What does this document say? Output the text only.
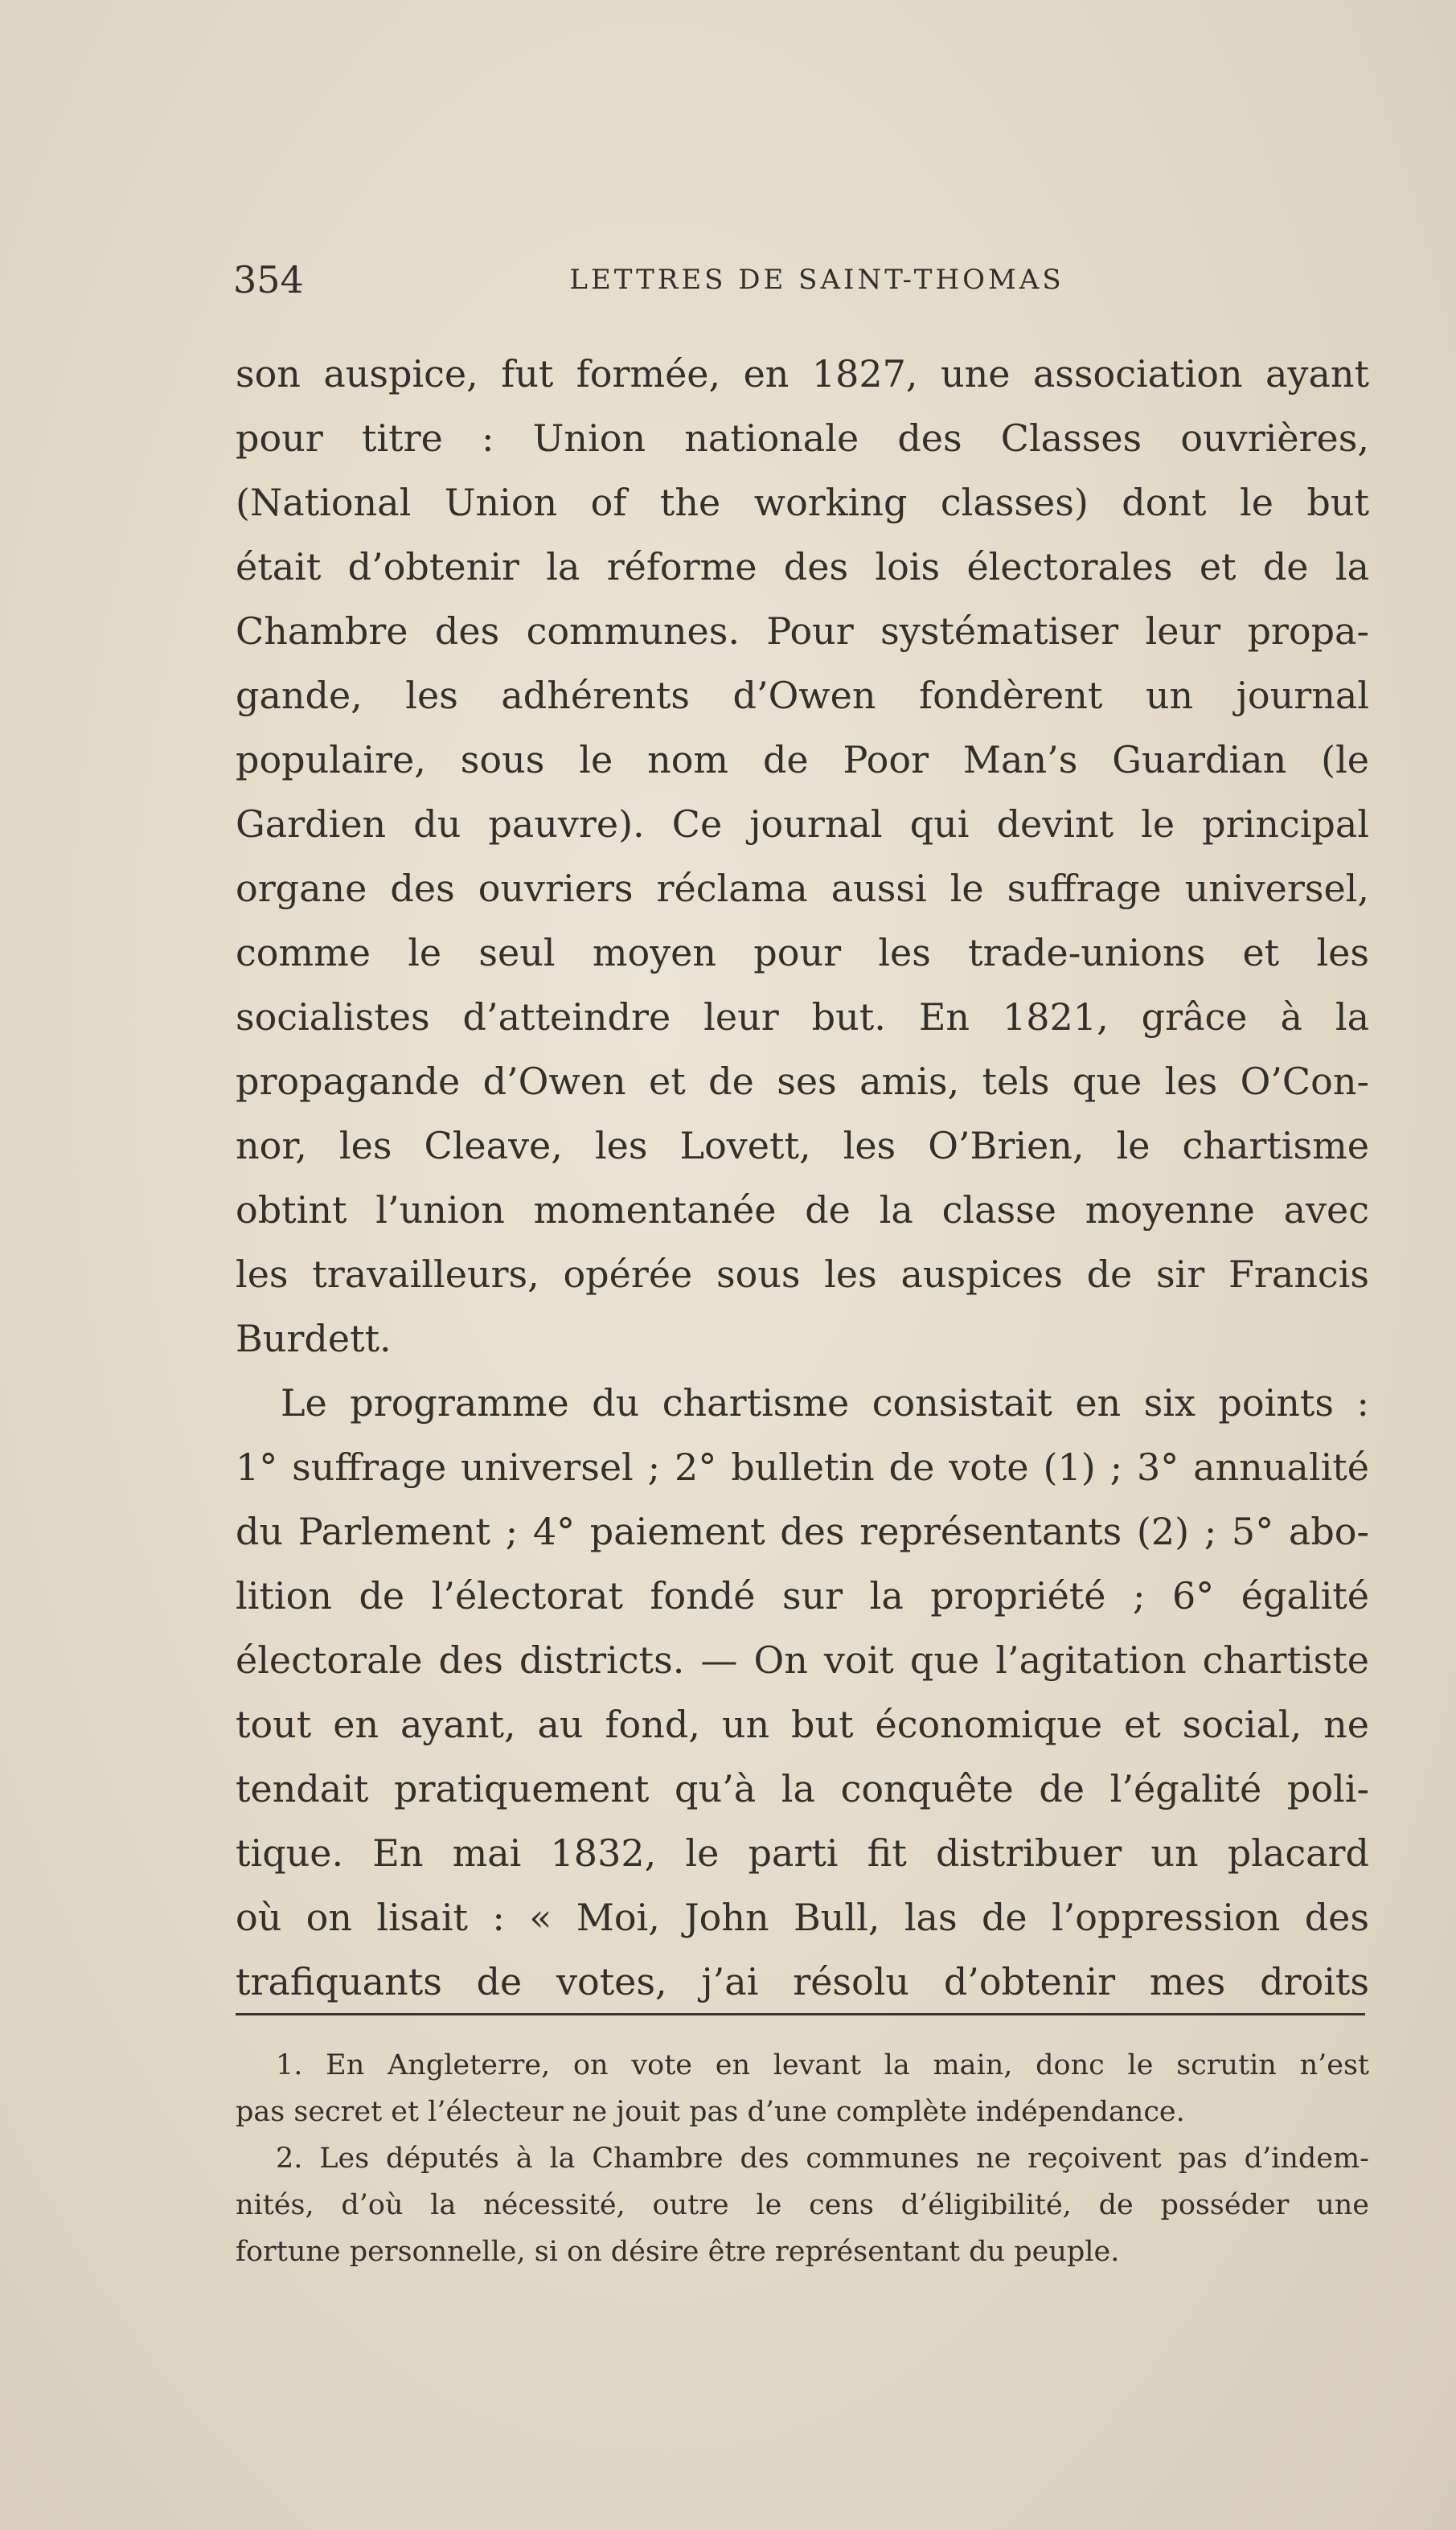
354	LETTRES DE SAINT-THOMAS
son auspice, fut formée, en 1827, une association ayant
pour titre : Union nationale des Classes ouvrières,
(National Union of the working classes) dont le but
était d’obtenir la réforme des lois électorales et de la
Chambre des communes. Pour systématiser leur propa-
gande, les adhérents d’Owen fondèrent un journal
populaire, sous le nom de Poor Man’s Guardian (le
Gardien du pauvre). Ce journal qui devint le principal
organe des ouvriers réclama aussi le suffrage universel,
comme le seul moyen pour les trade-unions et les
socialistes d’atteindre leur but. En 1821, grâce à la
propagande d’Owen et de ses amis, tels que les O’Con-
nor, les Cleave, les Lovett, les O’Brien, le chartisme
obtint l’union momentanée de la classe moyenne avec
les travailleurs, opérée sous les auspices de sir Francis
Burdett.
Le programme du chartisme consistait en six points :
1° suffrage universel ; 2° bulletin de vote (1) ; 3° annualité
du Parlement ; 4° paiement des représentants (2) ; 5° abo-
lition de l’électorat fondé sur la propriété ; 6° égalité
électorale des districts. — On voit que l’agitation chartiste
tout en ayant, au fond, un but économique et social, ne
tendait pratiquement qu’à la conquête de l’égalité poli-
tique. En mai 1832, le parti fit distribuer un placard
où on lisait : « Moi, John Bull, las de l’oppression des
trafiquants de votes, j’ai résolu d’obtenir mes droits
1. En Angleterre, on vote en levant la main, donc le scrutin n’est
pas secret et l’électeur ne jouit pas d’une complète indépendance.
2. Les députés à la Chambre des communes ne reçoivent pas d’indem-
nités, d’où la nécessité, outre le cens d’éligibilité, de posséder une
fortune personnelle, si on désire être représentant du peuple.
